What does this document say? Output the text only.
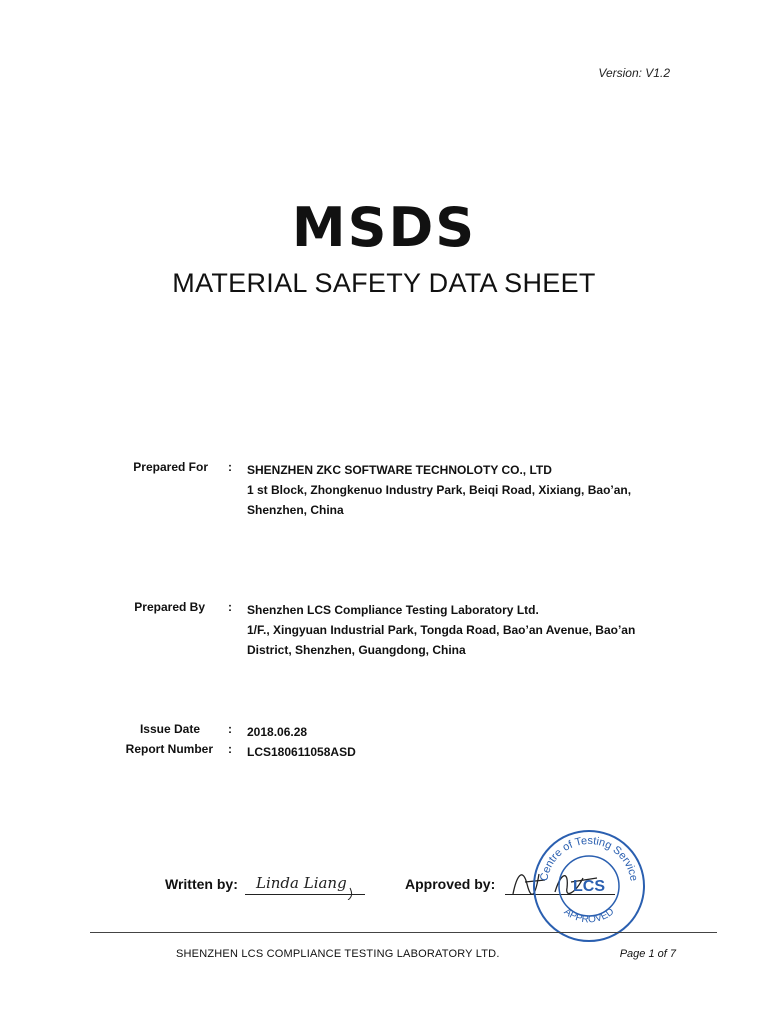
Version: V1.2
MSDS
MATERIAL SAFETY DATA SHEET
Prepared For : SHENZHEN ZKC SOFTWARE TECHNOLOTY CO., LTD
1 st Block, Zhongkenuo Industry Park, Beiqi Road, Xixiang, Bao’an,
Shenzhen, China
Prepared By : Shenzhen LCS Compliance Testing Laboratory Ltd.
1/F., Xingyuan Industrial Park, Tongda Road, Bao’an Avenue, Bao’an
District, Shenzhen, Guangdong, China
Issue Date : 2018.06.28
Report Number : LCS180611058ASD
Written by: Linda Liang	Approved by:	Centre of Testing Service
LCS
APPROVED
SHENZHEN LCS COMPLIANCE TESTING LABORATORY LTD.	Page 1 of 7
